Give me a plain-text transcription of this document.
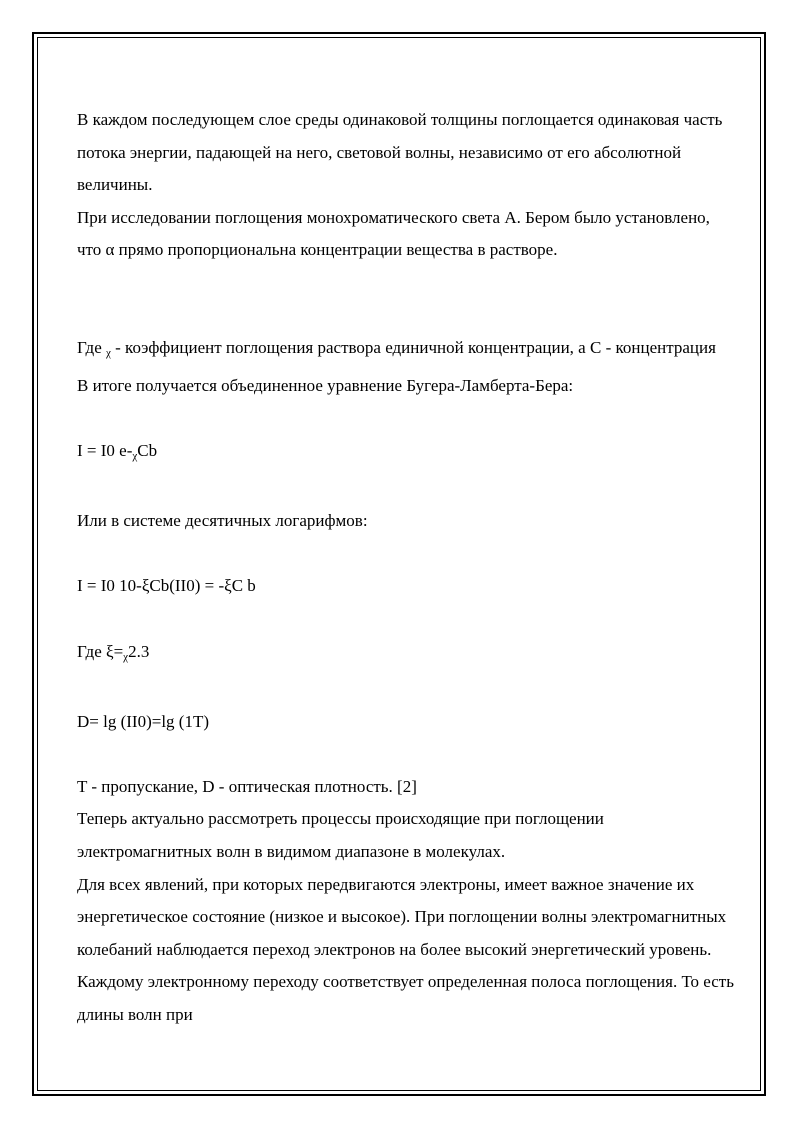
В каждом последующем слое среды одинаковой толщины поглощается одинаковая часть потока энергии, падающей на него, световой волны, независимо от его абсолютной величины.

При исследовании поглощения монохроматического света А. Бером было установлено, что α прямо пропорциональна концентрации вещества в растворе.

Где χ - коэффициент поглощения раствора единичной концентрации, а С - концентрация

В итоге получается объединенное уравнение Бугера-Ламберта-Бера:

I = I0 e-χCb

Или в системе десятичных логарифмов:

I = I0 10-ξCb(II0) = -ξC b

Где ξ=χ2.3

D= lg (II0)=lg (1T)

T - пропускание, D - оптическая плотность. [2]

Теперь актуально рассмотреть процессы происходящие при поглощении электромагнитных волн в видимом диапазоне в молекулах.

Для всех явлений, при которых передвигаются электроны, имеет важное значение их энергетическое состояние (низкое и высокое). При поглощении волны электромагнитных колебаний наблюдается переход электронов на более высокий энергетический уровень. Каждому электронному переходу соответствует определенная полоса поглощения. То есть длины волн при
